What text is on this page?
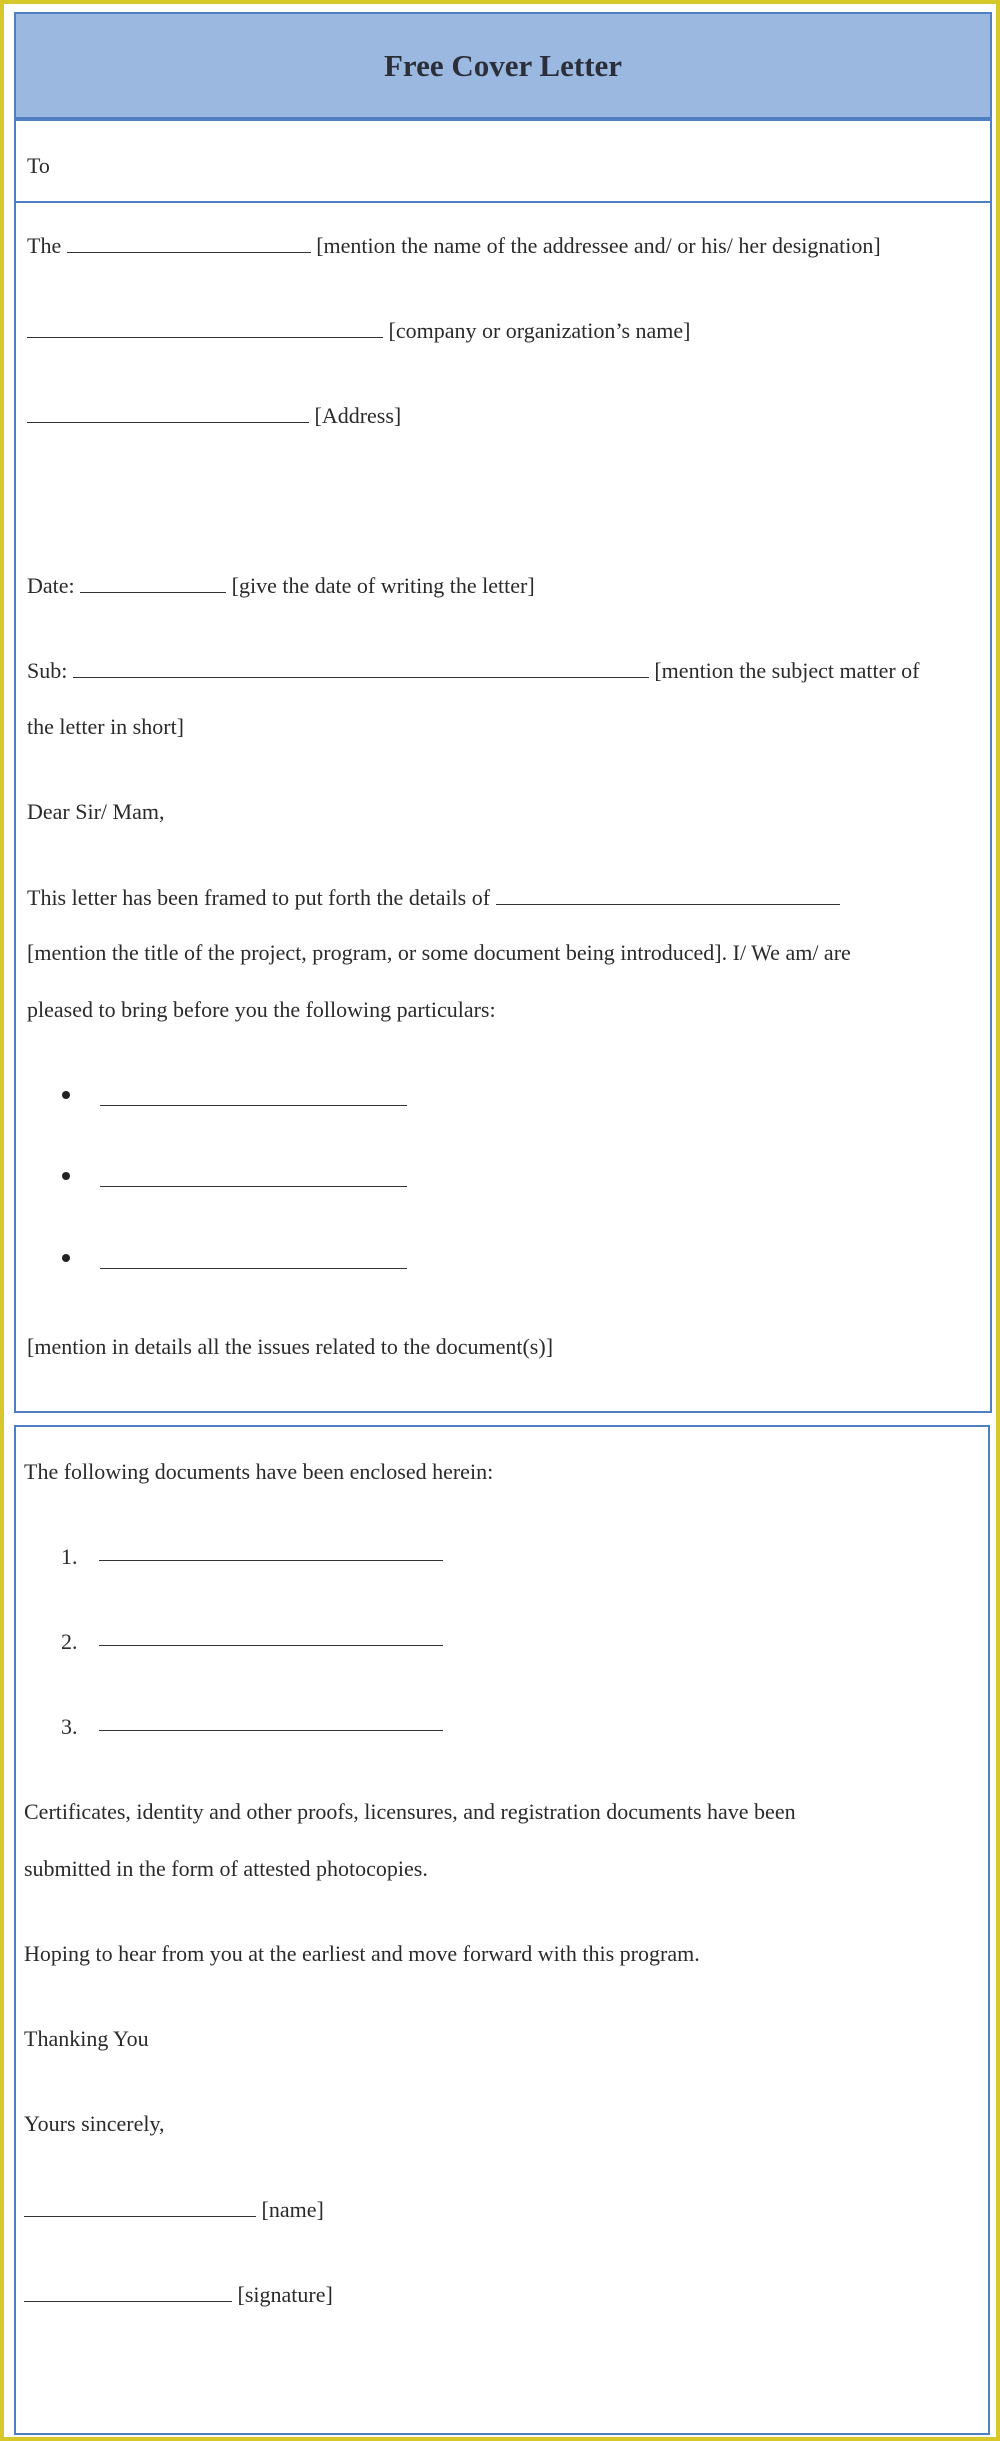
Free Cover Letter
To
The	[mention the name of the addressee and/ or his/ her designation]
[company or organization’s name]
[Address]
Date:	[give the date of writing the letter]
Sub:	[mention the subject matter of
the letter in short]
Dear Sir/ Mam,
This letter has been framed to put forth the details of
[mention the title of the project, program, or some document being introduced]. I/ We am/ are
pleased to bring before you the following particulars:
[mention in details all the issues related to the document(s)]
The following documents have been enclosed herein:
1.
2.
3.
Certificates, identity and other proofs, licensures, and registration documents have been
submitted in the form of attested photocopies.
Hoping to hear from you at the earliest and move forward with this program.
Thanking You
Yours sincerely,
[name]
[signature]
